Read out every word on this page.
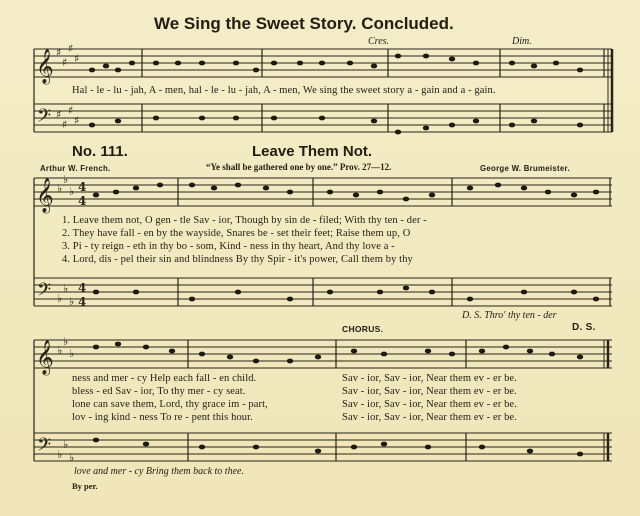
𝄞
𝄢
𝄞
𝄢
𝄞
𝄢
♯
♯
♯
♯
♯
♯
♯
♯
♭
♭
♭
♭
♭
♭
4
4
4
4
♭
♭
♭
♭
♭
♭
We Sing the Sweet Story. Concluded.
Cres.	Dim.
Hal - le - lu - jah, A - men, hal - le - lu - jah, A - men, We sing the sweet story a - gain and a - gain.
No. 111.	Leave Them Not.
Arthur W. French.	“Ye shall be gathered one by one.” Prov. 27—12.	George W. Brumeister.
1. Leave them not, O gen - tle Sav - ior, Though by sin de - filed; With thy ten - der -
2. They have fall - en by the wayside, Snares be - set their feet; Raise them up, O
3. Pi - ty reign - eth in thy bo - som, Kind - ness in thy heart, And thy love a -
4. Lord, dis - pel their sin and blindness By thy Spir - it's power, Call them by thy
D. S. Thro' thy ten - der
CHORUS.	D. S.
ness and mer - cy Help each fall - en child.
bless - ed Sav - ior, To thy mer - cy seat.
lone can save them, Lord, thy grace im - part,
lov - ing kind - ness To re - pent this hour.
Sav - ior, Sav - ior, Near them ev - er be.
Sav - ior, Sav - ior, Near them ev - er be.
Sav - ior, Sav - ior, Near them ev - er be.
Sav - ior, Sav - ior, Near them ev - er be.
love and mer - cy Bring them back to thee.
By per.
